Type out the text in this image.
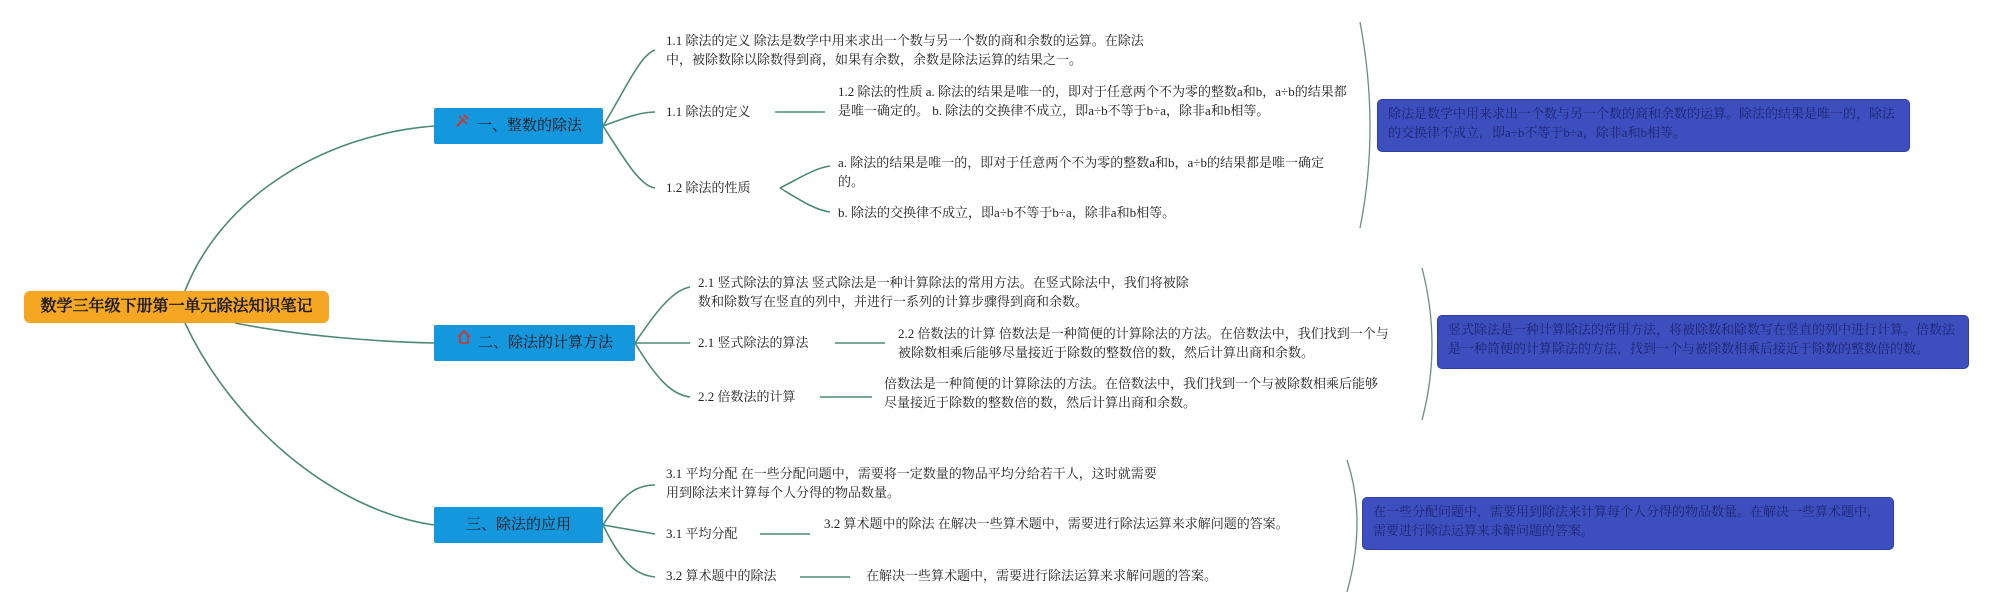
数学三年级下册第一单元除法知识笔记
一、整数的除法
1.1 除法的定义 除法是数学中用来求出一个数与另一个数的商和余数的运算。在除法中，被除数除以除数得到商，如果有余数，余数是除法运算的结果之一。
1.1 除法的定义
1.2 除法的性质
1.2 除法的性质 a. 除法的结果是唯一的，即对于任意两个不为零的整数a和b，a÷b的结果都是唯一确定的。 b. 除法的交换律不成立，即a÷b不等于b÷a，除非a和b相等。
a. 除法的结果是唯一的，即对于任意两个不为零的整数a和b，a÷b的结果都是唯一确定的。
b. 除法的交换律不成立，即a÷b不等于b÷a，除非a和b相等。
除法是数学中用来求出一个数与另一个数的商和余数的运算。除法的结果是唯一的，除法的交换律不成立，即a÷b不等于b÷a，除非a和b相等。
二、除法的计算方法
2.1 竖式除法的算法 竖式除法是一种计算除法的常用方法。在竖式除法中，我们将被除数和除数写在竖直的列中，并进行一系列的计算步骤得到商和余数。
2.1 竖式除法的算法
2.2 倍数法的计算
2.2 倍数法的计算 倍数法是一种简便的计算除法的方法。在倍数法中，我们找到一个与被除数相乘后能够尽量接近于除数的整数倍的数，然后计算出商和余数。
倍数法是一种简便的计算除法的方法。在倍数法中，我们找到一个与被除数相乘后能够尽量接近于除数的整数倍的数，然后计算出商和余数。
竖式除法是一种计算除法的常用方法，将被除数和除数写在竖直的列中进行计算。倍数法是一种简便的计算除法的方法，找到一个与被除数相乘后接近于除数的整数倍的数。
三、除法的应用
3.1 平均分配 在一些分配问题中，需要将一定数量的物品平均分给若干人，这时就需要用到除法来计算每个人分得的物品数量。
3.1 平均分配
3.2 算术题中的除法
3.2 算术题中的除法 在解决一些算术题中，需要进行除法运算来求解问题的答案。
在解决一些算术题中，需要进行除法运算来求解问题的答案。
在一些分配问题中，需要用到除法来计算每个人分得的物品数量。在解决一些算术题中，需要进行除法运算来求解问题的答案。
